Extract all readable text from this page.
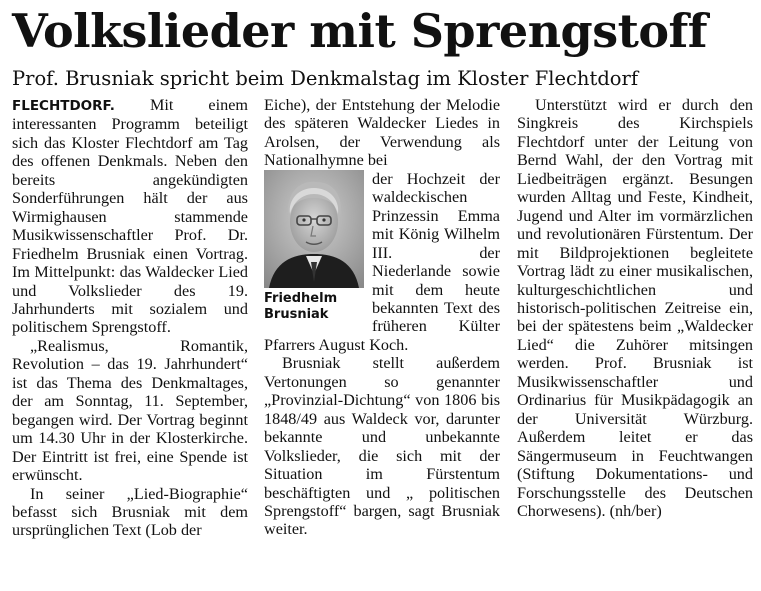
Volkslieder mit Sprengstoff
Prof. Brusniak spricht beim Denkmalstag im Kloster Flechtdorf

FLECHTDORF. Mit einem interessanten Programm beteiligt sich das Kloster Flechtdorf am Tag des offenen Denkmals. Neben den bereits angekündigten Sonderführungen hält der aus Wirmighausen stammende Musikwissenschaftler Prof. Dr. Friedhelm Brusniak einen Vortrag. Im Mittelpunkt: das Waldecker Lied und Volkslieder des 19. Jahrhunderts mit sozialem und politischem Sprengstoff.

„Realismus, Romantik, Revolution – das 19. Jahrhundert“ ist das Thema des Denkmaltages, der am Sonntag, 11. September, begangen wird. Der Vortrag beginnt um 14.30 Uhr in der Klosterkirche. Der Eintritt ist frei, eine Spende ist erwünscht.

In seiner „Lied-Biographie“ befasst sich Brusniak mit dem ursprünglichen Text (Lob der

Eiche), der Entstehung der Melodie des späteren Waldecker Liedes in Arolsen, der Verwendung als Nationalhymne bei

Friedhelm Brusniak

der Hochzeit der waldeckischen Prinzessin Emma mit König Wilhelm III. der Niederlande sowie mit dem heute bekannten Text des früheren Külter Pfarrers August Koch.

Brusniak stellt außerdem Vertonungen so genannter „Provinzial-Dichtung“ von 1806 bis 1848/49 aus Waldeck vor, darunter bekannte und unbekannte Volkslieder, die sich mit der Situation im Fürstentum beschäftigten und „ politischen Sprengstoff“ bargen, sagt Brusniak weiter.

Unterstützt wird er durch den Singkreis des Kirchspiels Flechtdorf unter der Leitung von Bernd Wahl, der den Vortrag mit Liedbeiträgen ergänzt. Besungen wurden Alltag und Feste, Kindheit, Jugend und Alter im vormärzlichen und revolutionären Fürstentum. Der mit Bildprojektionen begleitete Vortrag lädt zu einer musikalischen, kulturgeschichtlichen und historisch-politischen Zeitreise ein, bei der spätestens beim „Waldecker Lied“ die Zuhörer mitsingen werden. Prof. Brusniak ist Musikwissenschaftler und Ordinarius für Musikpädagogik an der Universität Würzburg. Außerdem leitet er das Sängermuseum in Feuchtwangen (Stiftung Dokumentations- und Forschungsstelle des Deutschen Chorwesens). (nh/ber)
